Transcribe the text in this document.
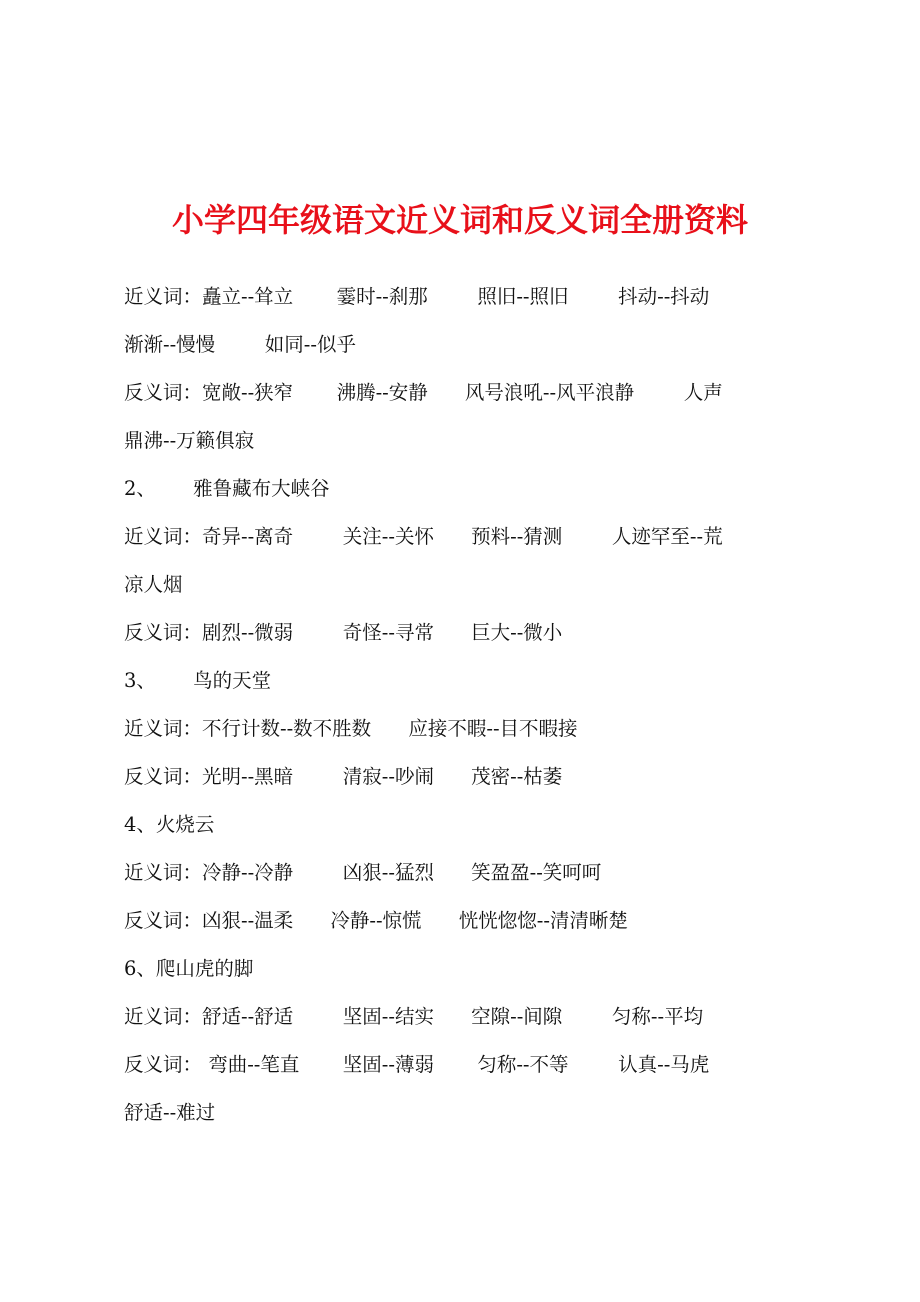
小学四年级语文近义词和反义词全册资料
近义词：矗立--耸立       霎时--刹那        照旧--照旧        抖动--抖动
渐渐--慢慢        如同--似乎
反义词：宽敞--狭窄       沸腾--安静      风号浪吼--风平浪静        人声
鼎沸--万籁俱寂
2、      雅鲁藏布大峡谷
近义词：奇异--离奇        关注--关怀      预料--猜测        人迹罕至--荒
凉人烟
反义词：剧烈--微弱        奇怪--寻常      巨大--微小
3、      鸟的天堂
近义词：不行计数--数不胜数      应接不暇--目不暇接
反义词：光明--黑暗        清寂--吵闹      茂密--枯萎
4、火烧云
近义词：冷静--冷静        凶狠--猛烈      笑盈盈--笑呵呵
反义词：凶狠--温柔      冷静--惊慌      恍恍惚惚--清清晰楚
6、爬山虎的脚
近义词：舒适--舒适        坚固--结实      空隙--间隙        匀称--平均
反义词： 弯曲--笔直       坚固--薄弱       匀称--不等        认真--马虎
舒适--难过
